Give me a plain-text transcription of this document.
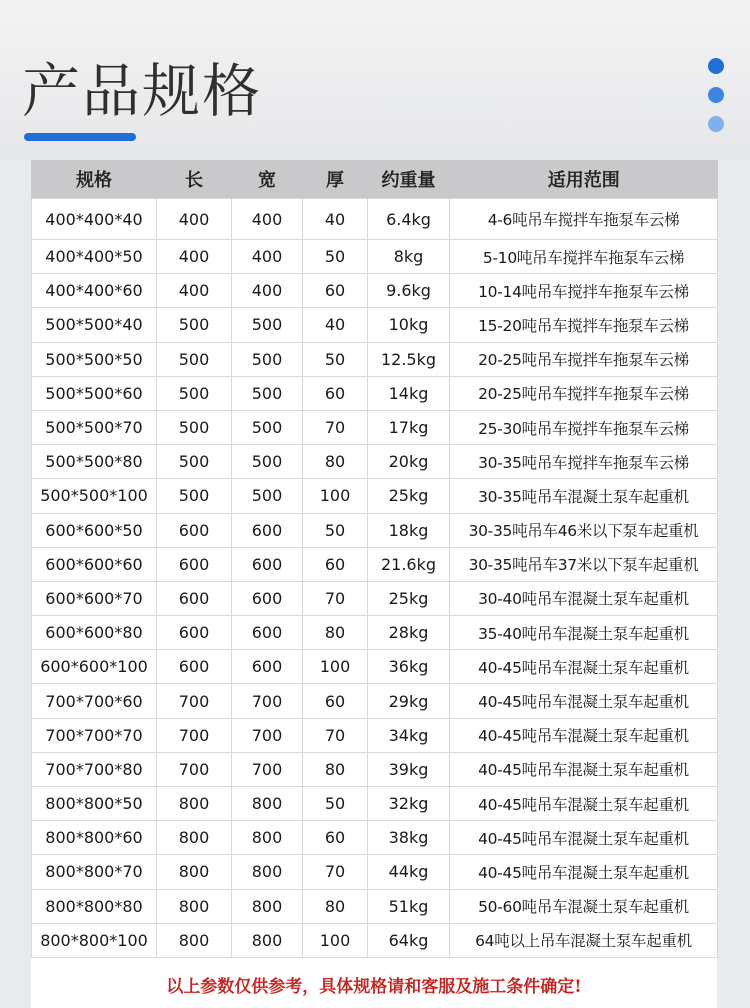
产品规格
规格	长	宽	厚	约重量	适用范围
400*400*40	400	400	40	6.4kg	4-6吨吊车搅拌车拖泵车云梯
400*400*50	400	400	50	8kg	5-10吨吊车搅拌车拖泵车云梯
400*400*60	400	400	60	9.6kg	10-14吨吊车搅拌车拖泵车云梯
500*500*40	500	500	40	10kg	15-20吨吊车搅拌车拖泵车云梯
500*500*50	500	500	50	12.5kg	20-25吨吊车搅拌车拖泵车云梯
500*500*60	500	500	60	14kg	20-25吨吊车搅拌车拖泵车云梯
500*500*70	500	500	70	17kg	25-30吨吊车搅拌车拖泵车云梯
500*500*80	500	500	80	20kg	30-35吨吊车搅拌车拖泵车云梯
500*500*100	500	500	100	25kg	30-35吨吊车混凝土泵车起重机
600*600*50	600	600	50	18kg	30-35吨吊车46米以下泵车起重机
600*600*60	600	600	60	21.6kg	30-35吨吊车37米以下泵车起重机
600*600*70	600	600	70	25kg	30-40吨吊车混凝土泵车起重机
600*600*80	600	600	80	28kg	35-40吨吊车混凝土泵车起重机
600*600*100	600	600	100	36kg	40-45吨吊车混凝土泵车起重机
700*700*60	700	700	60	29kg	40-45吨吊车混凝土泵车起重机
700*700*70	700	700	70	34kg	40-45吨吊车混凝土泵车起重机
700*700*80	700	700	80	39kg	40-45吨吊车混凝土泵车起重机
800*800*50	800	800	50	32kg	40-45吨吊车混凝土泵车起重机
800*800*60	800	800	60	38kg	40-45吨吊车混凝土泵车起重机
800*800*70	800	800	70	44kg	40-45吨吊车混凝土泵车起重机
800*800*80	800	800	80	51kg	50-60吨吊车混凝土泵车起重机
800*800*100	800	800	100	64kg	64吨以上吊车混凝土泵车起重机
以上参数仅供参考，具体规格请和客服及施工条件确定!
